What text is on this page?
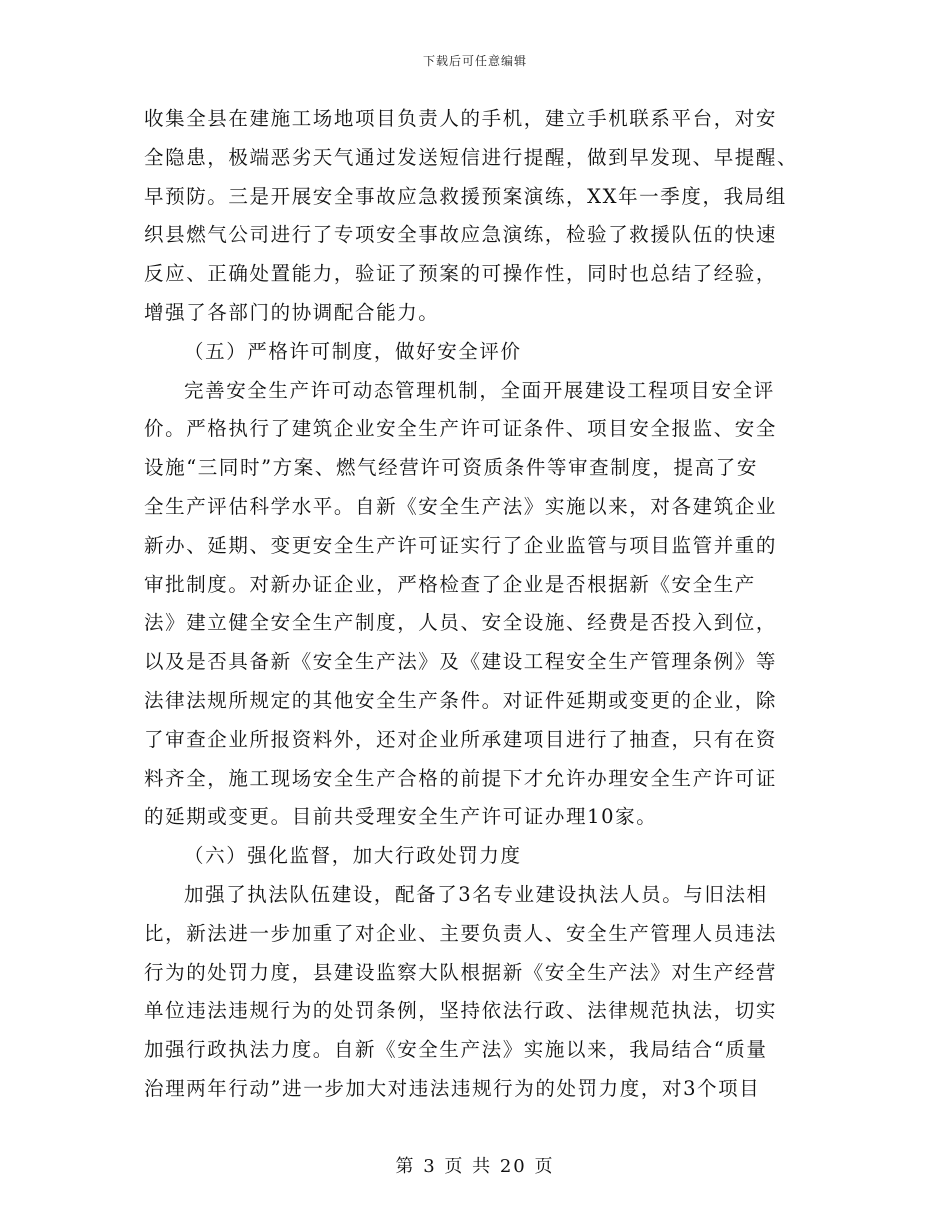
下载后可任意编辑
收集全县在建施工场地项目负责人的手机，建立手机联系平台，对安
全隐患，极端恶劣天气通过发送短信进行提醒，做到早发现、早提醒、
早预防。三是开展安全事故应急救援预案演练，XX年一季度，我局组
织县燃气公司进行了专项安全事故应急演练，检验了救援队伍的快速
反应、正确处置能力，验证了预案的可操作性，同时也总结了经验，
增强了各部门的协调配合能力。
（五）严格许可制度，做好安全评价
完善安全生产许可动态管理机制，全面开展建设工程项目安全评
价。严格执行了建筑企业安全生产许可证条件、项目安全报监、安全
设施“三同时”方案、燃气经营许可资质条件等审查制度，提高了安
全生产评估科学水平。自新《安全生产法》实施以来，对各建筑企业
新办、延期、变更安全生产许可证实行了企业监管与项目监管并重的
审批制度。对新办证企业，严格检查了企业是否根据新《安全生产
法》建立健全安全生产制度，人员、安全设施、经费是否投入到位，
以及是否具备新《安全生产法》及《建设工程安全生产管理条例》等
法律法规所规定的其他安全生产条件。对证件延期或变更的企业，除
了审查企业所报资料外，还对企业所承建项目进行了抽查，只有在资
料齐全，施工现场安全生产合格的前提下才允许办理安全生产许可证
的延期或变更。目前共受理安全生产许可证办理10家。
（六）强化监督，加大行政处罚力度
加强了执法队伍建设，配备了3名专业建设执法人员。与旧法相
比，新法进一步加重了对企业、主要负责人、安全生产管理人员违法
行为的处罚力度，县建设监察大队根据新《安全生产法》对生产经营
单位违法违规行为的处罚条例，坚持依法行政、法律规范执法，切实
加强行政执法力度。自新《安全生产法》实施以来，我局结合“质量
治理两年行动”进一步加大对违法违规行为的处罚力度，对3个项目
第 3 页 共 20 页
